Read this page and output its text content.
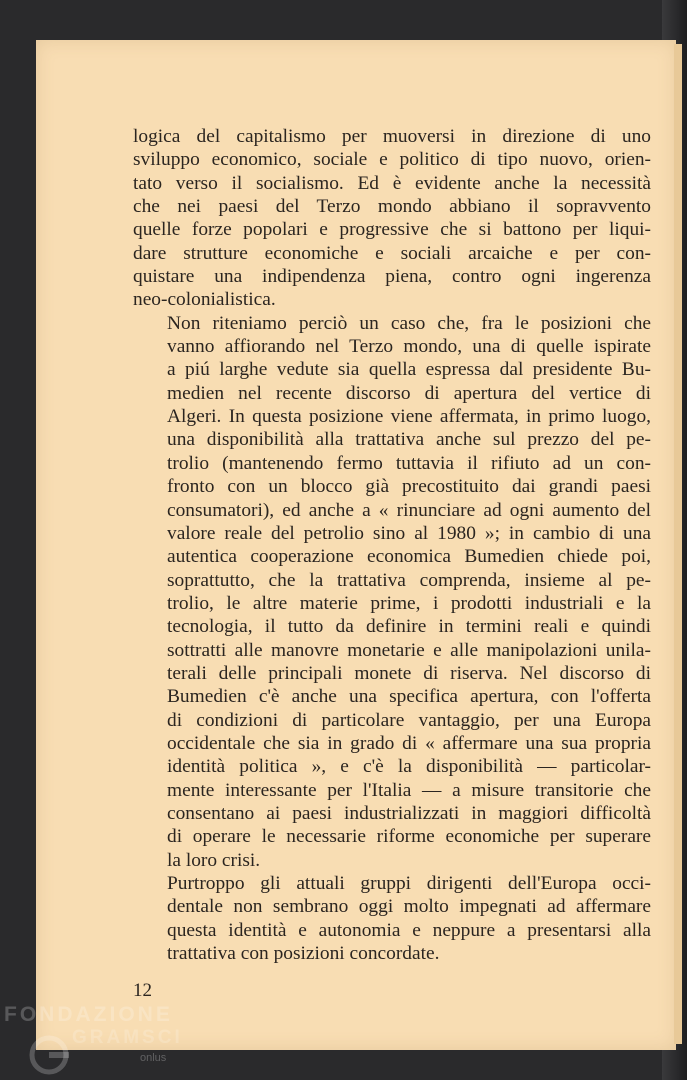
logica del capitalismo per muoversi in direzione di uno
sviluppo economico, sociale e politico di tipo nuovo, orien-
tato verso il socialismo. Ed è evidente anche la necessità
che nei paesi del Terzo mondo abbiano il sopravvento
quelle forze popolari e progressive che si battono per liqui-
dare strutture economiche e sociali arcaiche e per con-
quistare una indipendenza piena, contro ogni ingerenza
neo-colonialistica.

Non riteniamo perciò un caso che, fra le posizioni che
vanno affiorando nel Terzo mondo, una di quelle ispirate
a piú larghe vedute sia quella espressa dal presidente Bu-
medien nel recente discorso di apertura del vertice di
Algeri. In questa posizione viene affermata, in primo luogo,
una disponibilità alla trattativa anche sul prezzo del pe-
trolio (mantenendo fermo tuttavia il rifiuto ad un con-
fronto con un blocco già precostituito dai grandi paesi
consumatori), ed anche a « rinunciare ad ogni aumento del
valore reale del petrolio sino al 1980 »; in cambio di una
autentica cooperazione economica Bumedien chiede poi,
soprattutto, che la trattativa comprenda, insieme al pe-
trolio, le altre materie prime, i prodotti industriali e la
tecnologia, il tutto da definire in termini reali e quindi
sottratti alle manovre monetarie e alle manipolazioni unila-
terali delle principali monete di riserva. Nel discorso di
Bumedien c'è anche una specifica apertura, con l'offerta
di condizioni di particolare vantaggio, per una Europa
occidentale che sia in grado di « affermare una sua propria
identità politica », e c'è la disponibilità — particolar-
mente interessante per l'Italia — a misure transitorie che
consentano ai paesi industrializzati in maggiori difficoltà
di operare le necessarie riforme economiche per superare
la loro crisi.

Purtroppo gli attuali gruppi dirigenti dell'Europa occi-
dentale non sembrano oggi molto impegnati ad affermare
questa identità e autonomia e neppure a presentarsi alla
trattativa con posizioni concordate.

12
FONDAZIONE
GRAMSCI
onlus
